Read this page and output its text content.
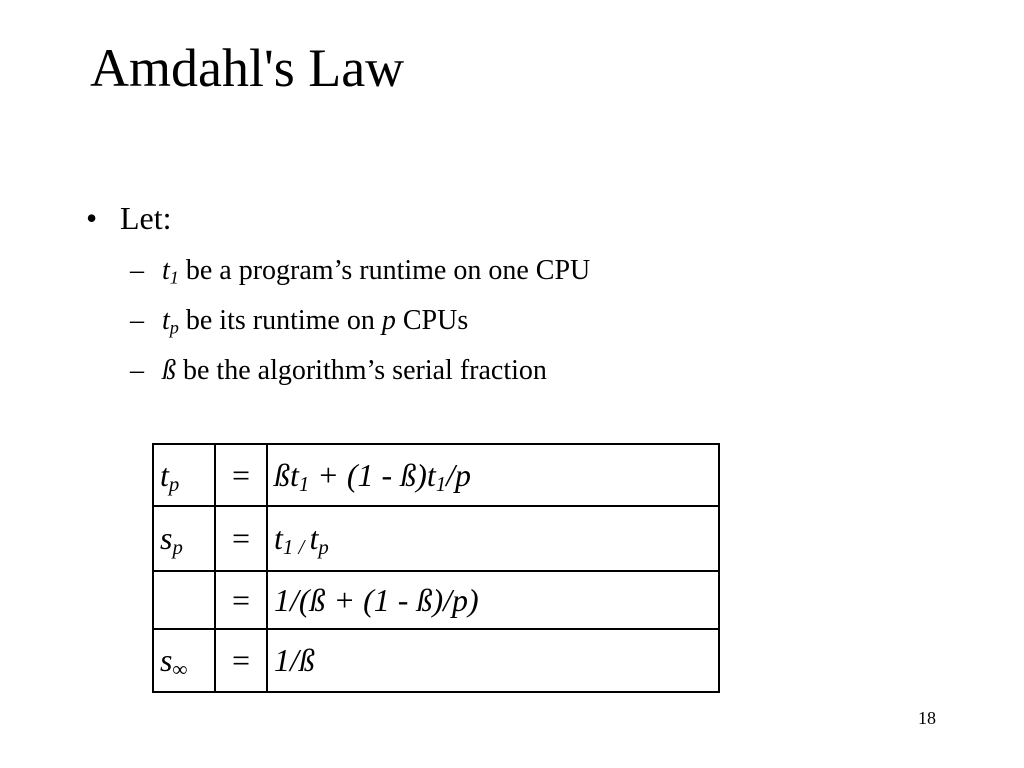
Amdahl's Law
• Let:
– $t_1$ be a program’s runtime on one CPU
– $t_p$ be its runtime on p CPUs
– ß be the algorithm’s serial fraction
$t_p$	=	$ßt_1 + (1$ - $ß)t_1/p$
$s_p$	=	$t_{1 /}$ $t_p$
	=	1/(ß + (1 - ß)/p)
$s_\infty$	=	1/ß
18
